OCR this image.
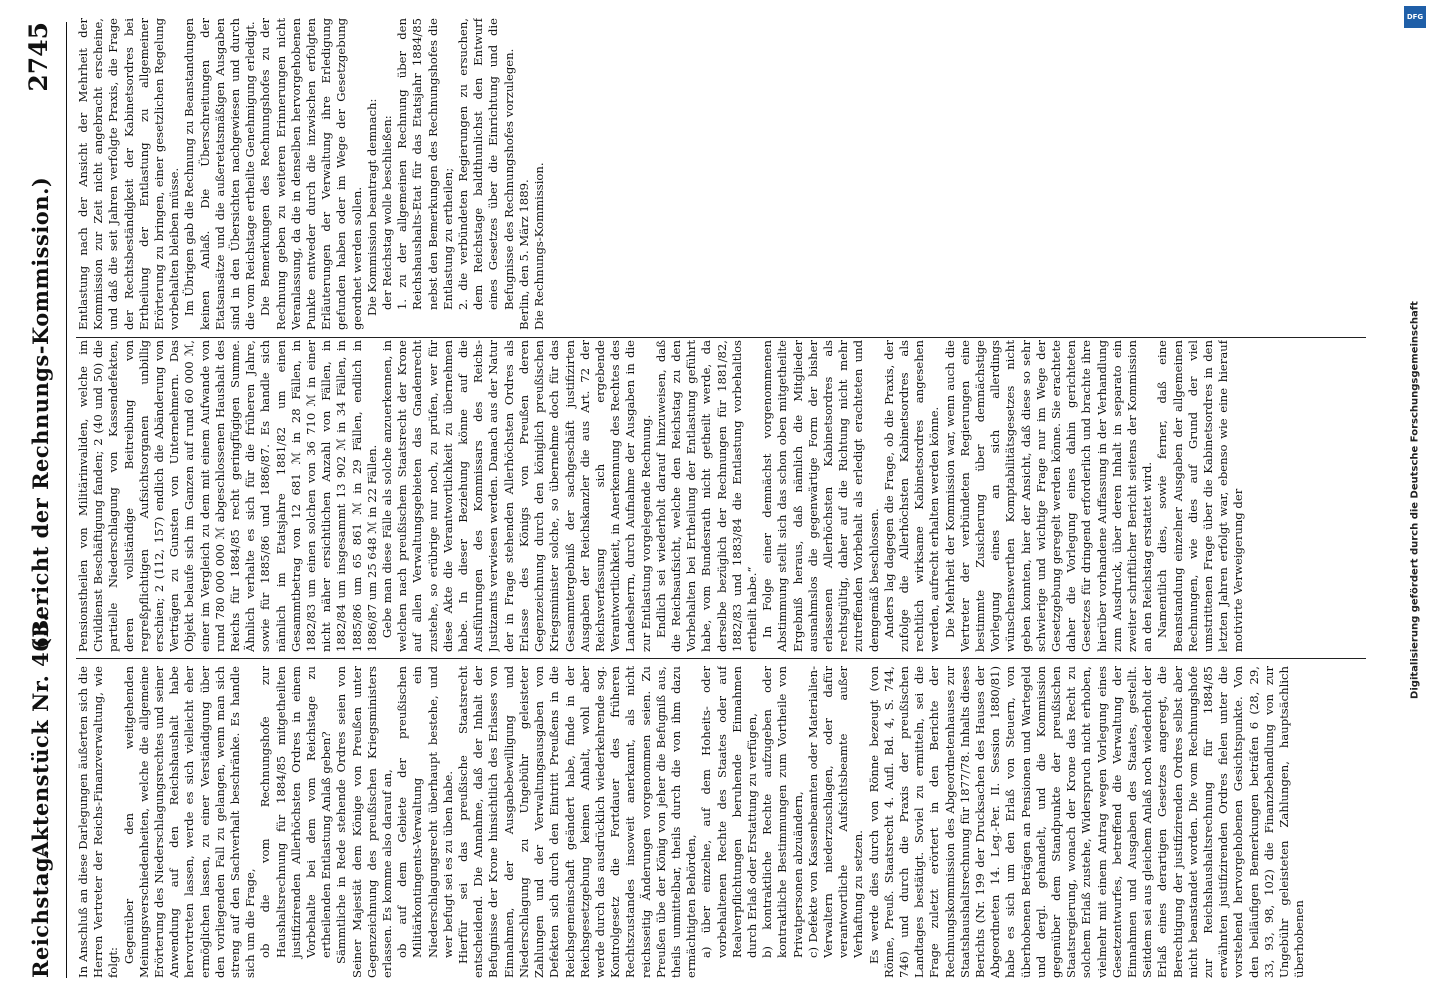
Reichstag.
Aktenstück Nr. 463.
(Bericht der Rechnungs-Kommission.)
2745

In Anschluß an diese Darlegungen äußerten sich die Herren Vertreter der Reichs-Finanzverwaltung, wie folgt: Gegenüber den weitgehenden Meinungsverschiedenheiten, welche die allgemeine Erörterung des Niederschlagungsrechtes und seiner Anwendung auf den Reichshaushalt habe hervortreten lassen, werde es sich vielleicht eher ermöglichen lassen, zu einer Verständigung über den vorliegenden Fall zu gelangen, wenn man sich streng auf den Sachverhalt beschränke. Es handle sich um die Frage, ob die vom Rechnungshofe zur Haushaltsrechnung für 1884/85 mitgetheilten justifizirenden Allerhöchsten Ordres in einem Vorbehalte bei dem vom Reichstage zu ertheilenden Entlastung Anlaß geben? Sämmtliche in Rede stehende Ordres seien von Seiner Majestät dem Könige von Preußen unter Gegenzeichnung des preußischen Kriegsministers erlassen. Es komme also darauf an, ob auf dem Gebiete der preußischen Militärkontingents-Verwaltung ein Niederschlagungsrecht überhaupt bestehe, und wer befugt sei es zu üben habe. Hierfür sei das preußische Staatsrecht entscheidend. Die Annahme, daß der Inhalt der Befugnisse der Krone hinsichtlich des Erlasses von Einnahmen, der Ausgabebewilligung und Niederschlagung zu Ungebühr geleisteter Zahlungen und der Verwaltungsausgaben von Defekten sich durch den Eintritt Preußens in die Reichsgemeinschaft geändert habe, finde in der Reichsgesetzgebung keinen Anhalt, wohl aber werde durch das ausdrücklich wiederkehrende sog. Kontrolgesetz die Fortdauer des früheren Rechtszustandes insoweit anerkannt, als nicht reichsseitig Änderungen vorgenommen seien. Zu Preußen übe der König von jeher die Befugniß aus, theils unmittelbar, theils durch die von ihm dazu ermächtigten Behörden, a) über einzelne, auf dem Hoheits- oder vorbehaltenen Rechte des Staates oder auf Realverpflichtungen beruhende Einnahmen durch Erlaß oder Erstattung zu verfügen, b) kontraktliche Rechte aufzugeben oder kontraktliche Bestimmungen zum Vortheile von Privatpersonen abzuändern, c) Defekte von Kassenbeamten oder Materialien-Verwaltern niederzuschlagen, oder dafür verantwortliche Aufsichtsbeamte außer Verhaftung zu setzen. Es werde dies durch von Rönne bezeugt (von Rönne, Preuß. Staatsrecht 4. Aufl. Bd. 4, S. 744, 746) und durch die Praxis der preußischen Landtages bestätigt. Soviel zu ermitteln, sei die Frage zuletzt erörtert in den Berichte der Rechnungskommission des Abgeordnetenhauses zur Staatshaushaltsrechnung für 1877/78. Inhalts dieses Berichts (Nr. 199 der Drucksachen des Hauses der Abgeordneten 14. Leg.-Per. II. Session 1880/81) habe es sich um den Erlaß von Steuern, von überhobenen Beträgen an Pensionen und Wartegeld und dergl. gehandelt, und die Kommission gegenüber dem Standpunkte der preußischen Staatsregierung, wonach der Krone das Recht zu solchem Erlaß zustehe, Widerspruch nicht erhoben, vielmehr mit einem Antrag wegen Vorlegung eines Gesetzentwurfes, betreffend die Verwaltung der Einnahmen und Ausgaben des Staates, gestellt. Seitdem sei aus gleichem Anlaß noch wiederholt der Erlaß eines derartigen Gesetzes angeregt, die Berechtigung der justifizirenden Ordres selbst aber nicht beanstandet worden. Die vom Rechnungshofe zur Reichshaushaltsrechnung für 1884/85 erwähnten justifizirenden Ordres fielen unter die vorstehend hervorgehobenen Gesichtspunkte. Von den beiläufigen Bemerkungen beträfen 6 (28, 29, 33, 93, 98, 102) die Finanzbehandlung von zur Ungebühr geleisteten Zahlungen, hauptsächlich überhobenen

Pensionstheilen von Militärinvaliden, welche im Civildienst Beschäftigung fanden; 2 (40 und 50) die partielle Niederschlagung von Kassendefekten, deren vollständige Beitreibung von regreßpflichtigen Aufsichtsorganen unbillig erschien; 2 (112, 157) endlich die Abänderung von Verträgen zu Gunsten von Unternehmern. Das Objekt belaufe sich im Ganzen auf rund 60 000 ℳ, einer im Vergleich zu dem mit einem Aufwande von rund 780 000 000 ℳ abgeschlossenen Haushalt des Reichs für 1884/85 recht geringfügigen Summe. Ähnlich verhalte es sich für die früheren Jahre, sowie für 1885/86 und 1886/87. Es handle sich nämlich im Etatsjahre 1881/82 um einen Gesammtbetrag von 12 681 ℳ in 28 Fällen, in 1882/83 um einen solchen von 36 710 ℳ in einer nicht näher ersichtlichen Anzahl von Fällen, in 1882/84 um insgesammt 13 902 ℳ in 34 Fällen, in 1885/86 um 65 861 ℳ in 29 Fällen, endlich in 1886/87 um 25 648 ℳ in 22 Fällen. Gebe man diese Fälle als solche anzuerkennen, in welchen nach preußischem Staatsrecht der Krone auf allen Verwaltungsgebieten das Gnadenrecht zustehe, so erübrige nur noch, zu prüfen, wer für diese Akte die Verantwortlichkeit zu übernehmen habe. In dieser Beziehung könne auf die Ausführungen des Kommissars des Reichs-Justizamts verwiesen werden. Danach aus der Natur der in Frage stehenden Allerhöchsten Ordres als Erlasse des Königs von Preußen deren Gegenzeichnung durch den königlich preußischen Kriegsminister solche, so übernehme doch für das Gesammtergebniß der sachgeschäft justifizirten Ausgaben der Reichskanzler die aus Art. 72 der Reichsverfassung sich ergebende Verantwortlichkeit, in Anerkennung des Rechtes des Landesherrn, durch Aufnahme der Ausgaben in die zur Entlastung vorgelegende Rechnung. Endlich sei wiederholt darauf hinzuweisen, daß die Reichsaufsicht, welche den Reichstag zu den Vorbehalten bei Ertheilung der Entlastung geführt habe, vom Bundesrath nicht getheilt werde, da derselbe bezüglich der Rechnungen für 1881/82, 1882/83 und 1883/84 die Entlastung vorbehaltlos ertheilt habe.“ In Folge einer demnächst vorgenommenen Abstimmung stellt sich das schon oben mitgetheilte Ergebniß heraus, daß nämlich die Mitglieder ausnahmslos die gegenwärtige Form der bisher erlassenen Allerhöchsten Kabinetsordres als rechtsgültig, daher auf die Richtung nicht mehr zutreffenden Vorbehalt als erledigt erachteten und demgemäß beschlossen. Anders lag dagegen die Frage, ob die Praxis, der zufolge die Allerhöchsten Kabinetsordres als rechtlich wirksame Kabinetsordres angesehen werden, aufrecht erhalten werden könne. Die Mehrheit der Kommission war, wenn auch die Vertreter der verbündeten Regierungen eine bestimmte Zusicherung über demnächstige Vorlegung eines an sich allerdings wünschenswerthen Komptabilitätsgesetzes nicht geben konnten, hier der Ansicht, daß diese so sehr schwierige und wichtige Frage nur im Wege der Gesetzgebung geregelt werden könne. Sie erachtete daher die Vorlegung eines dahin gerichteten Gesetzes für dringend erforderlich und brachte ihre hierüber vorhandene Auffassung in der Verhandlung zum Ausdruck, über deren Inhalt in separato ein zweiter schriftlicher Bericht seitens der Kommission an den Reichstag erstattet wird. Namentlich dies, sowie ferner, daß eine Beanstandung einzelner Ausgaben der allgemeinen Rechnungen, wie dies auf Grund der viel umstrittenen Frage über die Kabinetsordres in den letzten Jahren erfolgt war, ebenso wie eine hierauf motivirte Verweigerung der

Entlastung nach der Ansicht der Mehrheit der Kommission zur Zeit nicht angebracht erscheine, und daß die seit Jahren verfolgte Praxis, die Frage der Rechtsbeständigkeit der Kabinetsordres bei Ertheilung der Entlastung zu allgemeiner Erörterung zu bringen, einer gesetzlichen Regelung vorbehalten bleiben müsse. Im Übrigen gab die Rechnung zu Beanstandungen keinen Anlaß. Die Überschreitungen der Etatsansätze und die außeretatsmäßigen Ausgaben sind in den Übersichten nachgewiesen und durch die vom Reichstage ertheilte Genehmigung erledigt. Die Bemerkungen des Rechnungshofes zu der Rechnung geben zu weiteren Erinnerungen nicht Veranlassung, da die in denselben hervorgehobenen Punkte entweder durch die inzwischen erfolgten Erläuterungen der Verwaltung ihre Erledigung gefunden haben oder im Wege der Gesetzgebung geordnet werden sollen. Die Kommission beantragt demnach: der Reichstag wolle beschließen: 1. zu der allgemeinen Rechnung über den Reichshaushalts-Etat für das Etatsjahr 1884/85 nebst den Bemerkungen des Rechnungshofes die Entlastung zu ertheilen; 2. die verbündeten Regierungen zu ersuchen, dem Reichstage baldthunlichst den Entwurf eines Gesetzes über die Einrichtung und die Befugnisse des Rechnungshofes vorzulegen. Berlin, den 5. März 1889. Die Rechnungs-Kommission.

DFG
Digitalisierung gefördert durch die Deutsche Forschungsgemeinschaft
